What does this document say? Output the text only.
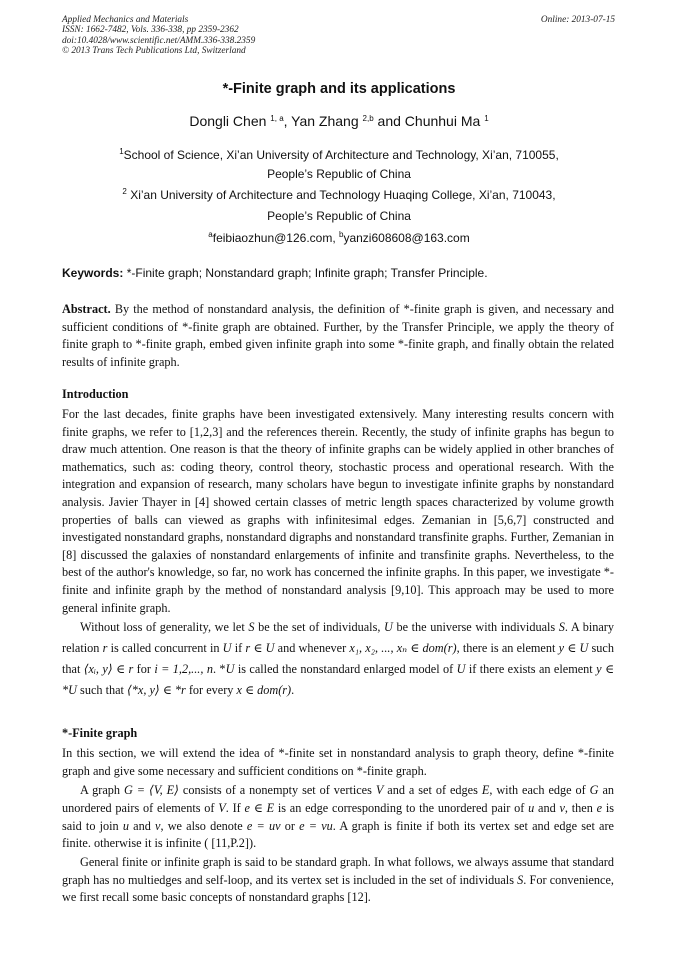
Applied Mechanics and Materials
ISSN: 1662-7482, Vols. 336-338, pp 2359-2362
doi:10.4028/www.scientific.net/AMM.336-338.2359
© 2013 Trans Tech Publications Ltd, Switzerland
Online: 2013-07-15
*-Finite graph and its applications
Dongli Chen $^{1, a}$, Yan Zhang $^{2,b}$ and Chunhui Ma $^1$
$^1$School of Science, Xi’an University of Architecture and Technology, Xi’an, 710055,
People’s Republic of China
$^2$ Xi’an University of Architecture and Technology Huaqing College, Xi’an, 710043,
People’s Republic of China
$^a$feibiaozhun@126.com, $^b$yanzi608608@163.com
Keywords: *-Finite graph; Nonstandard graph; Infinite graph; Transfer Principle.

Abstract. By the method of nonstandard analysis, the definition of *-finite graph is given, and necessary and sufficient conditions of *-finite graph are obtained. Further, by the Transfer Principle, we apply the theory of finite graph to *-finite graph, embed given infinite graph into some *-finite graph, and finally obtain the related results of infinite graph.

Introduction

For the last decades, finite graphs have been investigated extensively. Many interesting results concern with finite graphs, we refer to [1,2,3] and the references therein. Recently, the study of infinite graphs has begun to draw much attention. One reason is that the theory of infinite graphs can be widely applied in other branches of mathematics, such as: coding theory, control theory, stochastic process and operational research. With the integration and expansion of research, many scholars have begun to investigate infinite graphs by nonstandard analysis. Javier Thayer in [4] showed certain classes of metric length spaces characterized by volume growth properties of balls can viewed as graphs with infinitesimal edges. Zemanian in [5,6,7] constructed and investigated nonstandard graphs, nonstandard digraphs and nonstandard transfinite graphs. Further, Zemanian in [8] discussed the galaxies of nonstandard enlargements of infinite and transfinite graphs. Nevertheless, to the best of the author's knowledge, so far, no work has concerned the infinite graphs. In this paper, we investigate *-finite and infinite graph by the method of nonstandard analysis [9,10]. This approach may be used to more general infinite graph.

Without loss of generality, we let S be the set of individuals, U be the universe with individuals S. A binary relation r is called concurrent in U if r ∈ U and whenever x₁, x₂, ..., xₙ ∈ dom(r), there is an element y ∈ U such that ⟨xᵢ, y⟩ ∈ r for i = 1,2,..., n. *U is called the nonstandard enlarged model of U if there exists an element y ∈ *U such that ⟨*x, y⟩ ∈ *r for every x ∈ dom(r).

*-Finite graph

In this section, we will extend the idea of *-finite set in nonstandard analysis to graph theory, define *-finite graph and give some necessary and sufficient conditions on *-finite graph.

A graph G = ⟨V, E⟩ consists of a nonempty set of vertices V and a set of edges E, with each edge of G an unordered pairs of elements of V. If e ∈ E is an edge corresponding to the unordered pair of u and v, then e is said to join u and v, we also denote e = uv or e = vu. A graph is finite if both its vertex set and edge set are finite. otherwise it is infinite ( [11,P.2]).

General finite or infinite graph is said to be standard graph. In what follows, we always assume that standard graph has no multiedges and self-loop, and its vertex set is included in the set of individuals S. For convenience, we first recall some basic concepts of nonstandard graphs [12].
